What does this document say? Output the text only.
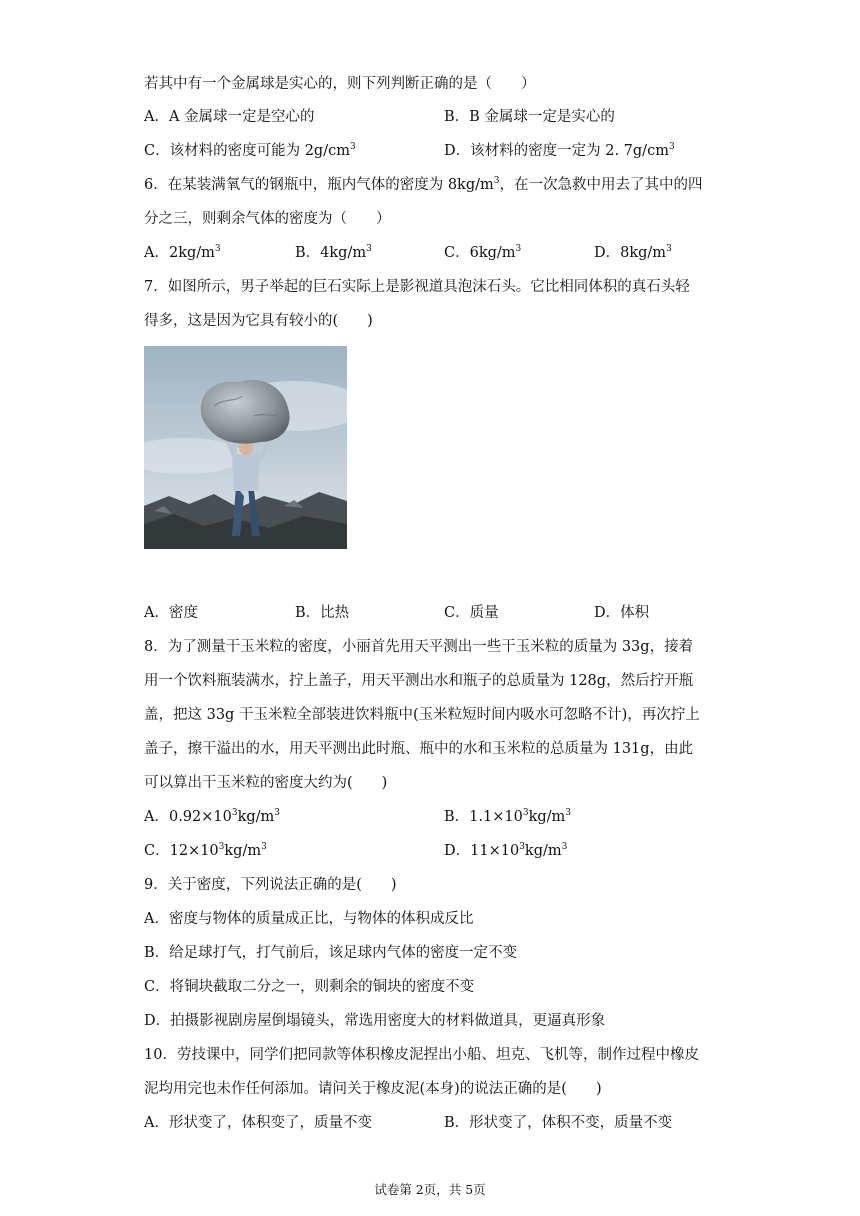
若其中有一个金属球是实心的，则下列判断正确的是（　　）
A．A 金属球一定是空心的	B．B 金属球一定是实心的
C．该材料的密度可能为 $2g/cm^3$	D．该材料的密度一定为 2. $7g/cm^3$
6．在某装满氧气的钢瓶中，瓶内气体的密度为 $8kg/m^3$，在一次急救中用去了其中的四
分之三，则剩余气体的密度为（　　）
A．$2kg/m^3$	B．$4kg/m^3$	C．$6kg/m^3$	D．$8kg/m^3$
7．如图所示，男子举起的巨石实际上是影视道具泡沫石头。它比相同体积的真石头轻
得多，这是因为它具有较小的(　　)
A．密度	B．比热	C．质量	D．体积
8．为了测量干玉米粒的密度，小丽首先用天平测出一些干玉米粒的质量为 33g，接着
用一个饮料瓶装满水，拧上盖子，用天平测出水和瓶子的总质量为 128g，然后拧开瓶
盖，把这 33g 干玉米粒全部装进饮料瓶中(玉米粒短时间内吸水可忽略不计)，再次拧上
盖子，擦干溢出的水，用天平测出此时瓶、瓶中的水和玉米粒的总质量为 131g，由此
可以算出干玉米粒的密度大约为(　　)
A．$0.92\times 10^3kg/m^3$	B．$1.1\times 10^3kg/m^3$
C．$12\times 10^3kg/m^3$	D．$11\times 10^3kg/m^3$
9．关于密度，下列说法正确的是(　　)
A．密度与物体的质量成正比，与物体的体积成反比
B．给足球打气，打气前后，该足球内气体的密度一定不变
C．将铜块截取二分之一，则剩余的铜块的密度不变
D．拍摄影视剧房屋倒塌镜头，常选用密度大的材料做道具，更逼真形象
10．劳技课中，同学们把同款等体积橡皮泥捏出小船、坦克、飞机等，制作过程中橡皮
泥均用完也未作任何添加。请问关于橡皮泥(本身)的说法正确的是(　　)
A．形状变了，体积变了，质量不变	B．形状变了，体积不变，质量不变
试卷第 2页，共 5页
